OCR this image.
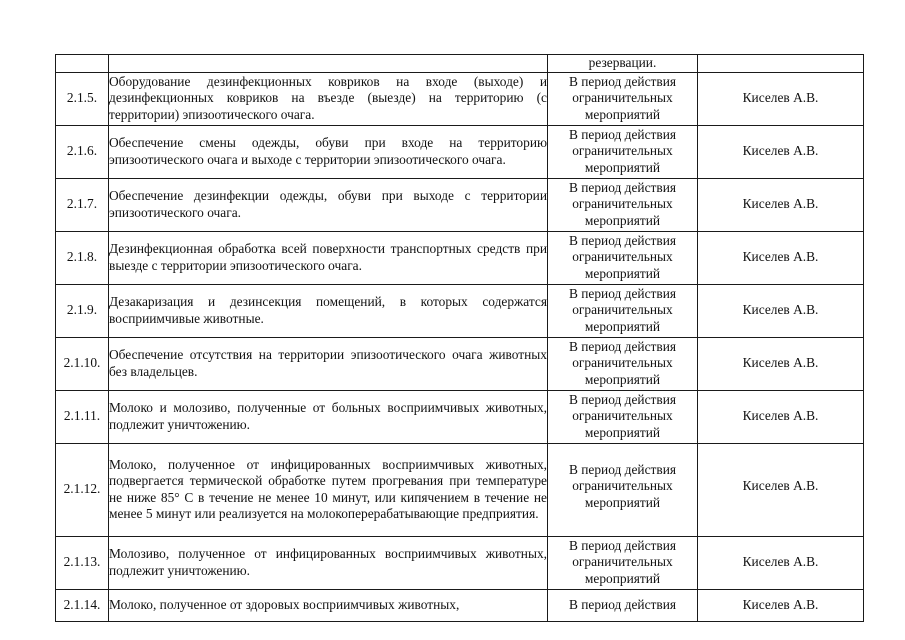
		резервации.	
2.1.5.	Оборудование дезинфекционных ковриков на входе (выходе) и дезинфекционных ковриков на въезде (выезде) на территорию (с территории) эпизоотического очага.	В период действия ограничительных мероприятий	Киселев А.В.
2.1.6.	Обеспечение смены одежды, обуви при входе на территорию эпизоотического очага и выходе с территории эпизоотического очага.	В период действия ограничительных мероприятий	Киселев А.В.
2.1.7.	Обеспечение дезинфекции одежды, обуви при выходе с территории эпизоотического очага.	В период действия ограничительных мероприятий	Киселев А.В.
2.1.8.	Дезинфекционная обработка всей поверхности транспортных средств при выезде с территории эпизоотического очага.	В период действия ограничительных мероприятий	Киселев А.В.
2.1.9.	Дезакаризация и дезинсекция помещений, в которых содержатся восприимчивые животные.	В период действия ограничительных мероприятий	Киселев А.В.
2.1.10.	Обеспечение отсутствия на территории эпизоотического очага животных без владельцев.	В период действия ограничительных мероприятий	Киселев А.В.
2.1.11.	Молоко и молозиво, полученные от больных восприимчивых животных, подлежит уничтожению.	В период действия ограничительных мероприятий	Киселев А.В.
2.1.12.	Молоко, полученное от инфицированных восприимчивых животных, подвергается термической обработке путем прогревания при температуре не ниже 85° С в течение не менее 10 минут, или кипячением в течение не менее 5 минут или реализуется на молокоперерабатывающие предприятия.	В период действия ограничительных мероприятий	Киселев А.В.
2.1.13.	Молозиво, полученное от инфицированных восприимчивых животных, подлежит уничтожению.	В период действия ограничительных мероприятий	Киселев А.В.
2.1.14.	Молоко, полученное от здоровых восприимчивых животных,	В период действия	Киселев А.В.
